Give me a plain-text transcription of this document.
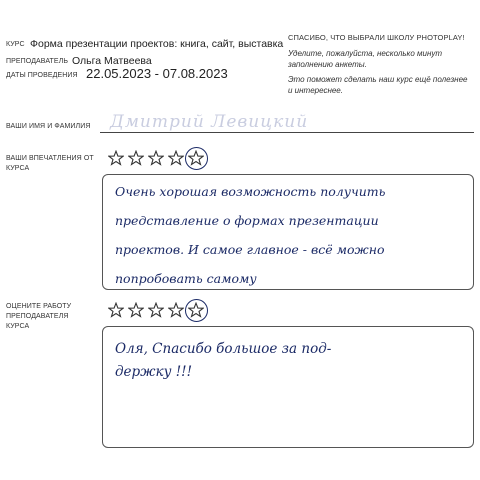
КУРС Форма презентации проектов: книга, сайт, выставка
ПРЕПОДАВАТЕЛЬ Ольга Матвеева
ДАТЫ ПРОВЕДЕНИЯ 22.05.2023 - 07.08.2023
СПАСИБО, ЧТО ВЫБРАЛИ ШКОЛУ PHOTOPLAY!
Уделите, пожалуйста, несколько минут заполнению анкеты.
Это поможет сделать наш курс ещё полезнее и интереснее.
ВАШИ ИМЯ И ФАМИЛИЯ Дмитрий Левицкий
ВАШИ ВПЕЧАТЛЕНИЯ ОТ
КУРСА
Очень хорошая возможность получить
представление о формах презентации
проектов. И самое главное - всё можно
попробовать самому
ОЦЕНИТЕ РАБОТУ
ПРЕПОДАВАТЕЛЯ
КУРСА
Оля, Спасибо большое за под-
держку !!!
